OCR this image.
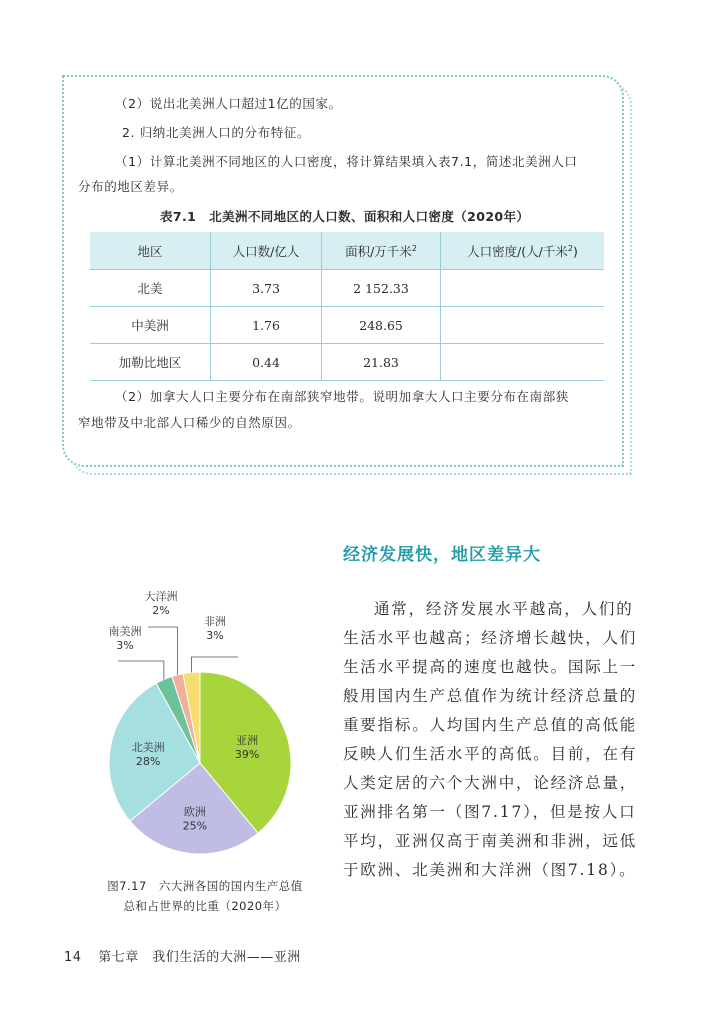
（2）说出北美洲人口超过1亿的国家。
2. 归纳北美洲人口的分布特征。
（1）计算北美洲不同地区的人口密度，将计算结果填入表7.1，简述北美洲人口
分布的地区差异。
表7.1　北美洲不同地区的人口数、面积和人口密度（2020年）
地区	人口数/亿人	面积/万千米$^2$	人口密度/(人/千米$^2$)
北美	3.73	2 152.33	
中美洲	1.76	248.65	
加勒比地区	0.44	21.83	
（2）加拿大人口主要分布在南部狭窄地带。说明加拿大人口主要分布在南部狭
窄地带及中北部人口稀少的自然原因。
经济发展快，地区差异大

通常，经济发展水平越高，人们的生活水平也越高；经济增长越快，人们生活水平提高的速度也越快。国际上一般用国内生产总值作为统计经济总量的重要指标。人均国内生产总值的高低能反映人们生活水平的高低。目前，在有人类定居的六个大洲中，论经济总量，亚洲排名第一（图7.17），但是按人口平均，亚洲仅高于南美洲和非洲，远低于欧洲、北美洲和大洋洲（图7.18）。

亚洲
39%
欧洲
25%
北美洲
28%
南美洲
3%
大洋洲
2%
非洲
3%
图7.17　六大洲各国的国内生产总值
总和占世界的比重（2020年）
14 第七章　我们生活的大洲——亚洲
